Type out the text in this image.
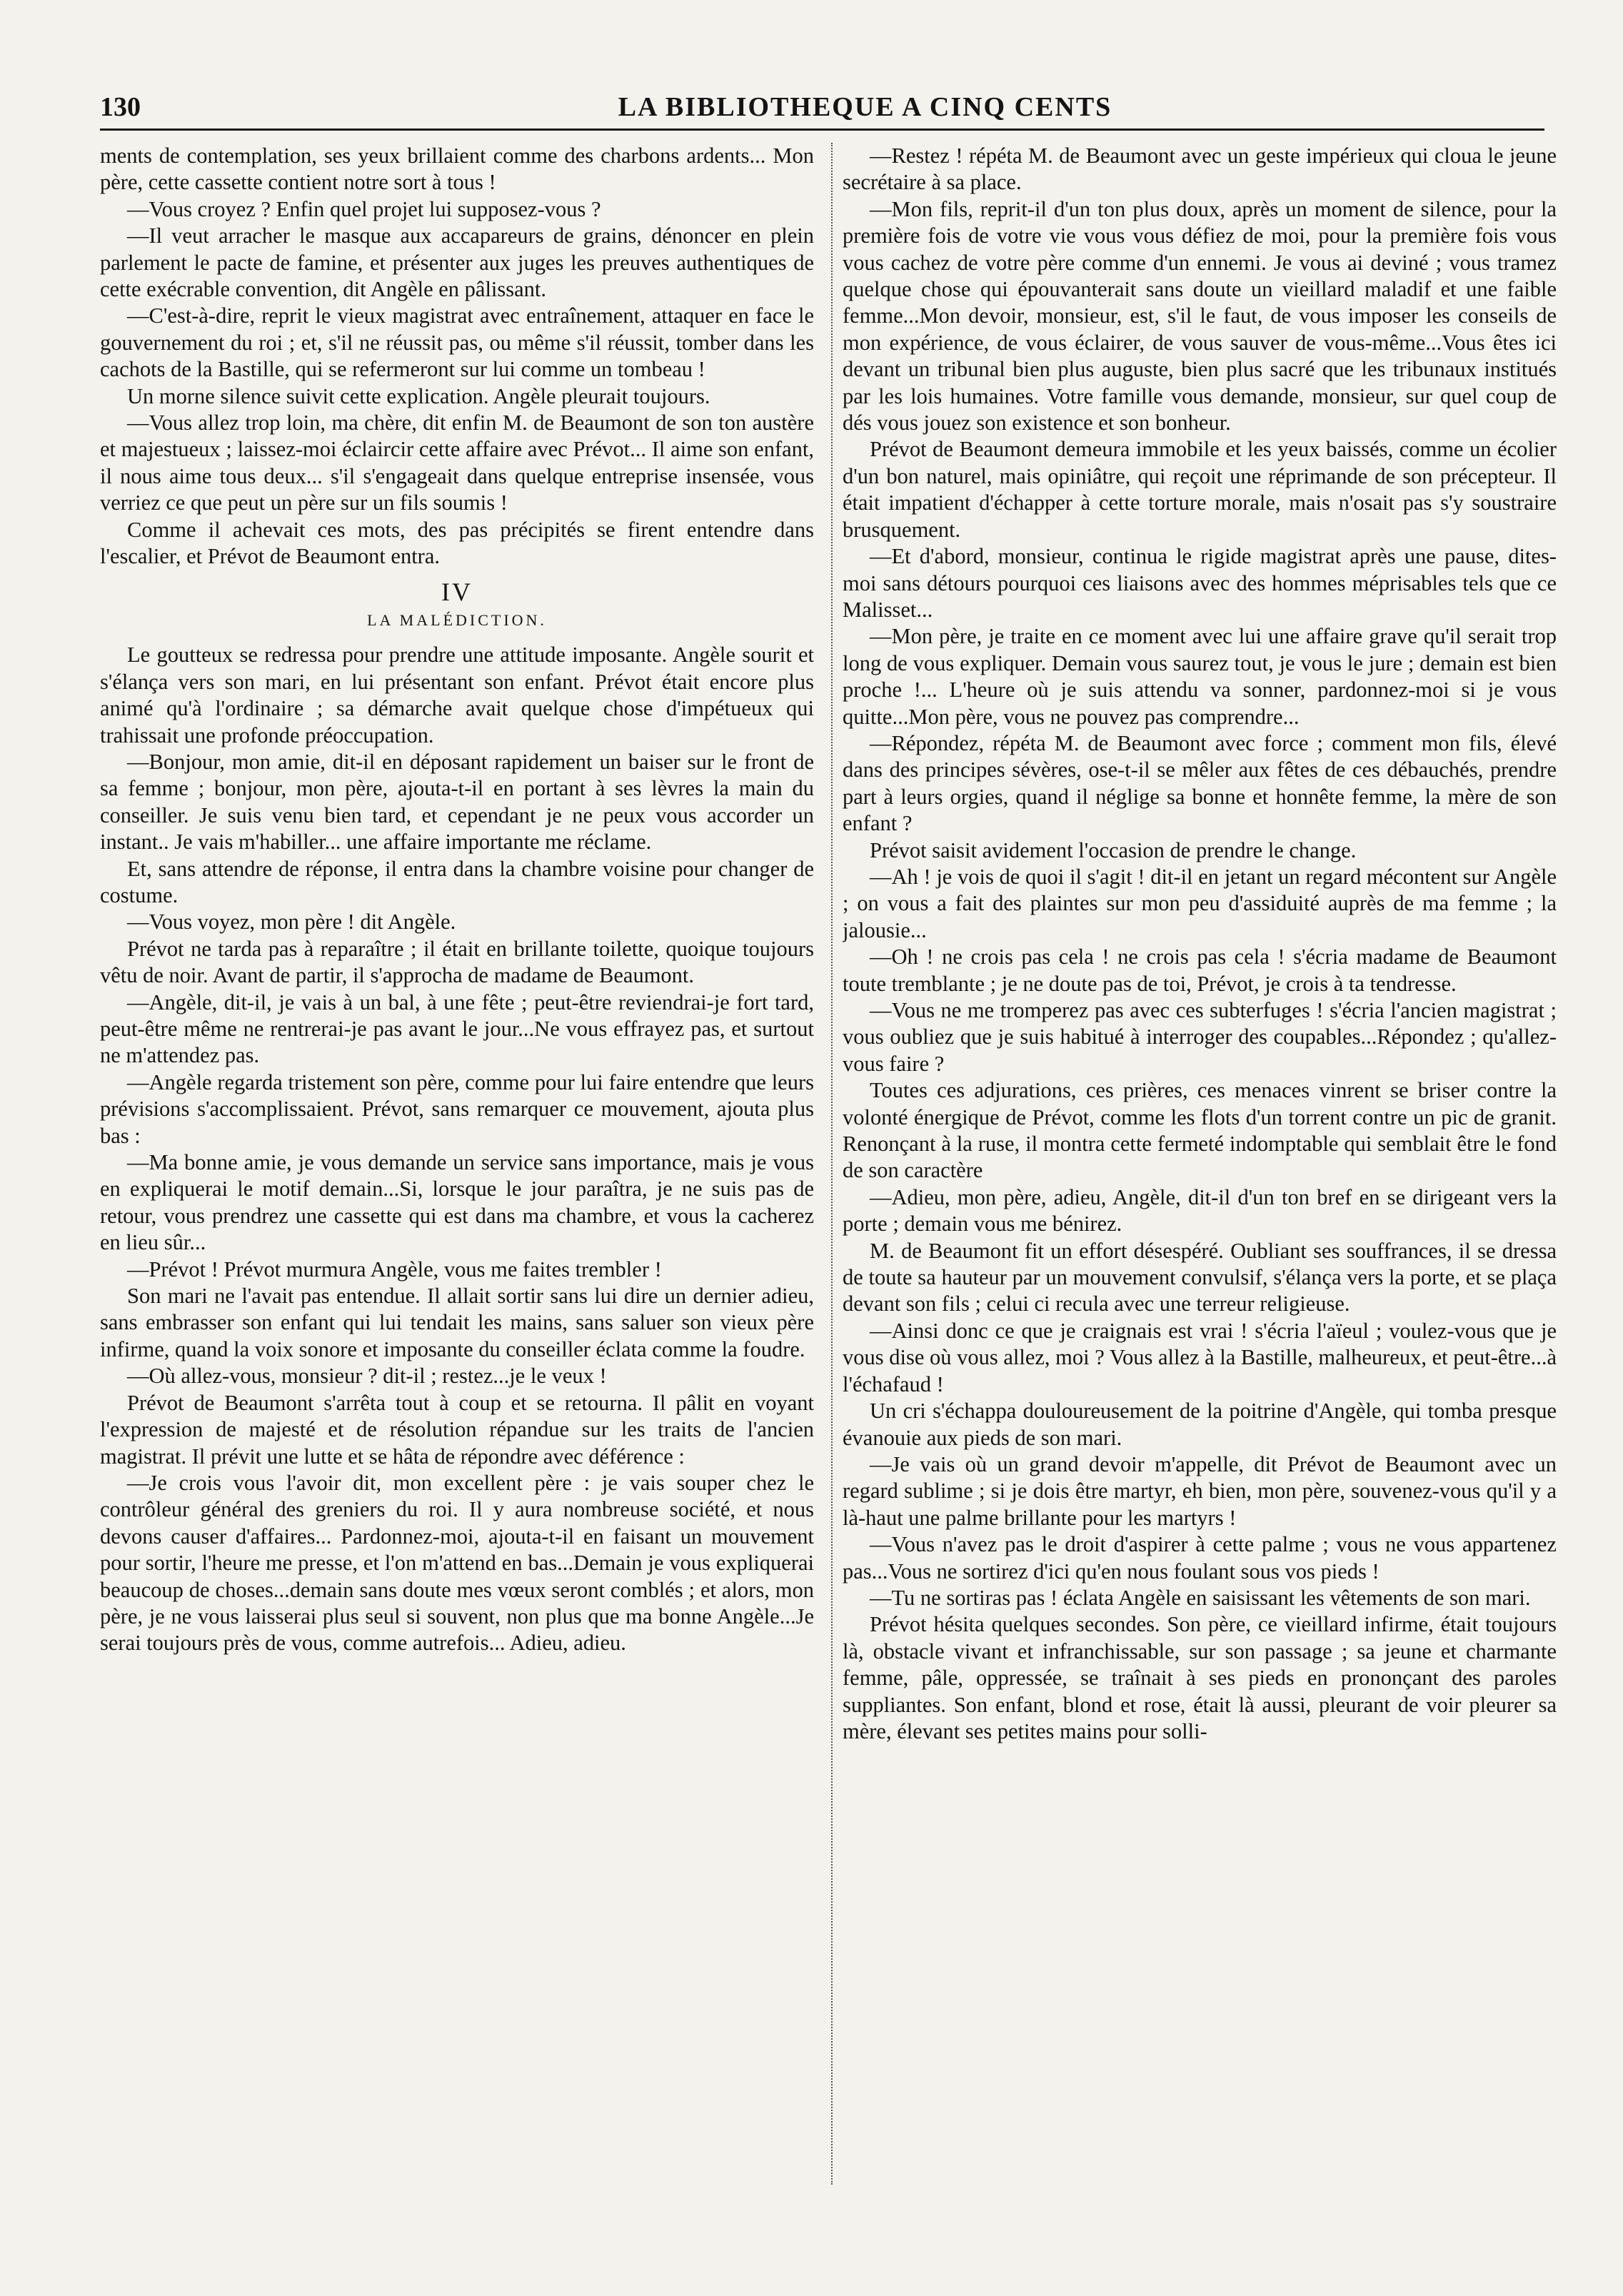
130	LA BIBLIOTHEQUE A CINQ CENTS

ments de contemplation, ses yeux brillaient comme des charbons ardents... Mon père, cette cassette contient notre sort à tous !

—Vous croyez ? Enfin quel projet lui supposez-vous ?

—Il veut arracher le masque aux accapareurs de grains, dénoncer en plein parlement le pacte de famine, et présenter aux juges les preuves authentiques de cette exécrable convention, dit Angèle en pâlissant.

—C'est-à-dire, reprit le vieux magistrat avec entraînement, attaquer en face le gouvernement du roi ; et, s'il ne réussit pas, ou même s'il réussit, tomber dans les cachots de la Bastille, qui se refermeront sur lui comme un tombeau !

Un morne silence suivit cette explication. Angèle pleurait toujours.

—Vous allez trop loin, ma chère, dit enfin M. de Beaumont de son ton austère et majestueux ; laissez-moi éclaircir cette affaire avec Prévot... Il aime son enfant, il nous aime tous deux... s'il s'engageait dans quelque entreprise insensée, vous verriez ce que peut un père sur un fils soumis !

Comme il achevait ces mots, des pas précipités se firent entendre dans l'escalier, et Prévot de Beaumont entra.

IV
LA MALÉDICTION.

Le goutteux se redressa pour prendre une attitude imposante. Angèle sourit et s'élança vers son mari, en lui présentant son enfant. Prévot était encore plus animé qu'à l'ordinaire ; sa démarche avait quelque chose d'impétueux qui trahissait une profonde préoccupation.

—Bonjour, mon amie, dit-il en déposant rapidement un baiser sur le front de sa femme ; bonjour, mon père, ajouta-t-il en portant à ses lèvres la main du conseiller. Je suis venu bien tard, et cependant je ne peux vous accorder un instant.. Je vais m'habiller... une affaire importante me réclame.

Et, sans attendre de réponse, il entra dans la chambre voisine pour changer de costume.

—Vous voyez, mon père ! dit Angèle.

Prévot ne tarda pas à reparaître ; il était en brillante toilette, quoique toujours vêtu de noir. Avant de partir, il s'approcha de madame de Beaumont.

—Angèle, dit-il, je vais à un bal, à une fête ; peut-être reviendrai-je fort tard, peut-être même ne rentrerai-je pas avant le jour...Ne vous effrayez pas, et surtout ne m'attendez pas.

—Angèle regarda tristement son père, comme pour lui faire entendre que leurs prévisions s'accomplissaient. Prévot, sans remarquer ce mouvement, ajouta plus bas :

—Ma bonne amie, je vous demande un service sans importance, mais je vous en expliquerai le motif demain...Si, lorsque le jour paraîtra, je ne suis pas de retour, vous prendrez une cassette qui est dans ma chambre, et vous la cacherez en lieu sûr...

—Prévot ! Prévot murmura Angèle, vous me faites trembler !

Son mari ne l'avait pas entendue. Il allait sortir sans lui dire un dernier adieu, sans embrasser son enfant qui lui tendait les mains, sans saluer son vieux père infirme, quand la voix sonore et imposante du conseiller éclata comme la foudre.

—Où allez-vous, monsieur ? dit-il ; restez...je le veux !

Prévot de Beaumont s'arrêta tout à coup et se retourna. Il pâlit en voyant l'expression de majesté et de résolution répandue sur les traits de l'ancien magistrat. Il prévit une lutte et se hâta de répondre avec déférence :

—Je crois vous l'avoir dit, mon excellent père : je vais souper chez le contrôleur général des greniers du roi. Il y aura nombreuse société, et nous devons causer d'affaires... Pardonnez-moi, ajouta-t-il en faisant un mouvement pour sortir, l'heure me presse, et l'on m'attend en bas...Demain je vous expliquerai beaucoup de choses...demain sans doute mes vœux seront comblés ; et alors, mon père, je ne vous laisserai plus seul si souvent, non plus que ma bonne Angèle...Je serai toujours près de vous, comme autrefois... Adieu, adieu.

—Restez ! répéta M. de Beaumont avec un geste impérieux qui cloua le jeune secrétaire à sa place.

—Mon fils, reprit-il d'un ton plus doux, après un moment de silence, pour la première fois de votre vie vous vous défiez de moi, pour la première fois vous vous cachez de votre père comme d'un ennemi. Je vous ai deviné ; vous tramez quelque chose qui épouvanterait sans doute un vieillard maladif et une faible femme...Mon devoir, monsieur, est, s'il le faut, de vous imposer les conseils de mon expérience, de vous éclairer, de vous sauver de vous-même...Vous êtes ici devant un tribunal bien plus auguste, bien plus sacré que les tribunaux institués par les lois humaines. Votre famille vous demande, monsieur, sur quel coup de dés vous jouez son existence et son bonheur.

Prévot de Beaumont demeura immobile et les yeux baissés, comme un écolier d'un bon naturel, mais opiniâtre, qui reçoit une réprimande de son précepteur. Il était impatient d'échapper à cette torture morale, mais n'osait pas s'y soustraire brusquement.

—Et d'abord, monsieur, continua le rigide magistrat après une pause, dites-moi sans détours pourquoi ces liaisons avec des hommes méprisables tels que ce Malisset...

—Mon père, je traite en ce moment avec lui une affaire grave qu'il serait trop long de vous expliquer. Demain vous saurez tout, je vous le jure ; demain est bien proche !... L'heure où je suis attendu va sonner, pardonnez-moi si je vous quitte...Mon père, vous ne pouvez pas comprendre...

—Répondez, répéta M. de Beaumont avec force ; comment mon fils, élevé dans des principes sévères, ose-t-il se mêler aux fêtes de ces débauchés, prendre part à leurs orgies, quand il néglige sa bonne et honnête femme, la mère de son enfant ?

Prévot saisit avidement l'occasion de prendre le change.

—Ah ! je vois de quoi il s'agit ! dit-il en jetant un regard mécontent sur Angèle ; on vous a fait des plaintes sur mon peu d'assiduité auprès de ma femme ; la jalousie...

—Oh ! ne crois pas cela ! ne crois pas cela ! s'écria madame de Beaumont toute tremblante ; je ne doute pas de toi, Prévot, je crois à ta tendresse.

—Vous ne me tromperez pas avec ces subterfuges ! s'écria l'ancien magistrat ; vous oubliez que je suis habitué à interroger des coupables...Répondez ; qu'allez-vous faire ?

Toutes ces adjurations, ces prières, ces menaces vinrent se briser contre la volonté énergique de Prévot, comme les flots d'un torrent contre un pic de granit. Renonçant à la ruse, il montra cette fermeté indomptable qui semblait être le fond de son caractère

—Adieu, mon père, adieu, Angèle, dit-il d'un ton bref en se dirigeant vers la porte ; demain vous me bénirez.

M. de Beaumont fit un effort désespéré. Oubliant ses souffrances, il se dressa de toute sa hauteur par un mouvement convulsif, s'élança vers la porte, et se plaça devant son fils ; celui ci recula avec une terreur religieuse.

—Ainsi donc ce que je craignais est vrai ! s'écria l'aïeul ; voulez-vous que je vous dise où vous allez, moi ? Vous allez à la Bastille, malheureux, et peut-être...à l'échafaud !

Un cri s'échappa douloureusement de la poitrine d'Angèle, qui tomba presque évanouie aux pieds de son mari.

—Je vais où un grand devoir m'appelle, dit Prévot de Beaumont avec un regard sublime ; si je dois être martyr, eh bien, mon père, souvenez-vous qu'il y a là-haut une palme brillante pour les martyrs !

—Vous n'avez pas le droit d'aspirer à cette palme ; vous ne vous appartenez pas...Vous ne sortirez d'ici qu'en nous foulant sous vos pieds !

—Tu ne sortiras pas ! éclata Angèle en saisissant les vêtements de son mari.

Prévot hésita quelques secondes. Son père, ce vieillard infirme, était toujours là, obstacle vivant et infranchissable, sur son passage ; sa jeune et charmante femme, pâle, oppressée, se traînait à ses pieds en prononçant des paroles suppliantes. Son enfant, blond et rose, était là aussi, pleurant de voir pleurer sa mère, élevant ses petites mains pour solli-
